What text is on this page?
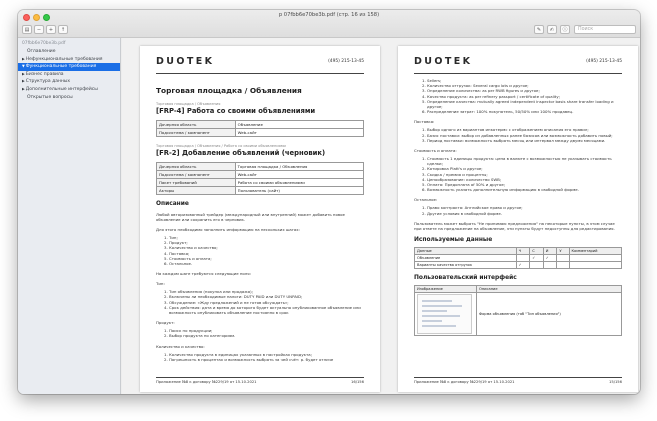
р 07fbb6e70be3b.pdf (стр. 16 из 158)
▤	−	+	↑	✎	✍	ⓘ	Поиск
07fbb6e70be3b.pdf
Оглавление
▶Нефункциональные требования
▼Функциональные требования
▶Бизнес правила
▶Структура данных
▶Дополнительные интерфейсы
Открытые вопросы
DUOTEK	(495) 215-13-45
Торговая площадка / Объявления
Торговая площадка / Объявления
[FRP-4] Работа со своими объявлениями
Дочерняя область	Объявление
Подсистема / компонент	Web-сайт
Торговая площадка / Объявления / Работа со своими объявлениями
[FR-2] Добавление объявлений (черновик)
Дочерняя область	Торговая площадка / Объявления
Подсистема / компонент	Web-сайт
Пакет требований	Работа со своими объявлениями
Акторы	Пользователь (сайт)
Описание
Любой авторизованный трейдер (международный или внутренний) может добавить новое объявление или сохранить его в черновик.
Для этого необходимо заполнить информацию на нескольких шагах:
1. Тип;
2. Продукт;
3. Количество и качество;
4. Поставка;
5. Стоимость и оплата;
6. Остальное.
На каждом шаге требуются следующие поля:
Тип:
1. Тип объявления (покупка или продажа);
2. Включены ли необходимые налоги: DUTY PAID или DUTY UNPAID;
3. Обсуждение: «Жду предложений и не готов обсуждать»;
4. Срок действия: дата и время до которого будет актуально опубликованное объявление или возможность опубликовать объявление постоянно в срок
Продукт:
1. Поиск по продукции;
2. Выбор продукта по категориям.
Количество и качество:
1. Количество продукта в единицах указанных в настройках продукта;
2. Погрешность в процентах и возможность выбрать за чей счёт: р. будет отличе
Приложение №8 к договору №229/19 от 15.10.2021	16/156
DUOTEK	(495) 215-13-45
1. Sellers;
2. Количество отгрузок: Several cargo lots и другое;
3. Определение количества: as per RWB figures и другое;
4. Качество продукта: as per refinery passport / certificate of quality;
5. Определение качества: mutually agreed independent inspector basis share transfer loading и другое;
6. Распределение затрат: 100% покупатель, 50/50% или 100% продавец.
Поставка:
1. Выбор одного из вариантов инкотермс с отображением описания его правил;
2. Базис поставки: выбор из добавленных ранее базисов или возможность добавить новый;
3. Период поставки: возможность выбрать месяц или интервал между двумя месяцами.
Стоимость и оплата:
1. Стоимость 1 единицы продукта: цена в валюте с возможностью не указывать стоимость сделки;
2. Котировка Platt's и другое;
3. Скидка / премия и проценты;
4. Ценообразование: количество SWB;
5. Оплата: Предоплата of 50% и другое;
6. Возможность указать дополнительную информацию в свободной форме.
Остальное:
1. Право контракта: Английское право и другое;
2. Другие условия в свободной форме.
Пользователь может выбрать "Не принимаю предложения" на некоторые пункты, в этом случае при ответе на предложение на объявление, эти пункты будут недоступны для редактирования.
Используемые данные
Данные	Ч	С	И	У	Комментарий
Объявление		✓	✓		
Варианты качества отгрузок	✓				
Пользовательский интерфейс
Изображение	Описание

	Форма объявления (таб "Тип объявления")
Приложение №8 к договору №229/19 от 15.10.2021	15/156
